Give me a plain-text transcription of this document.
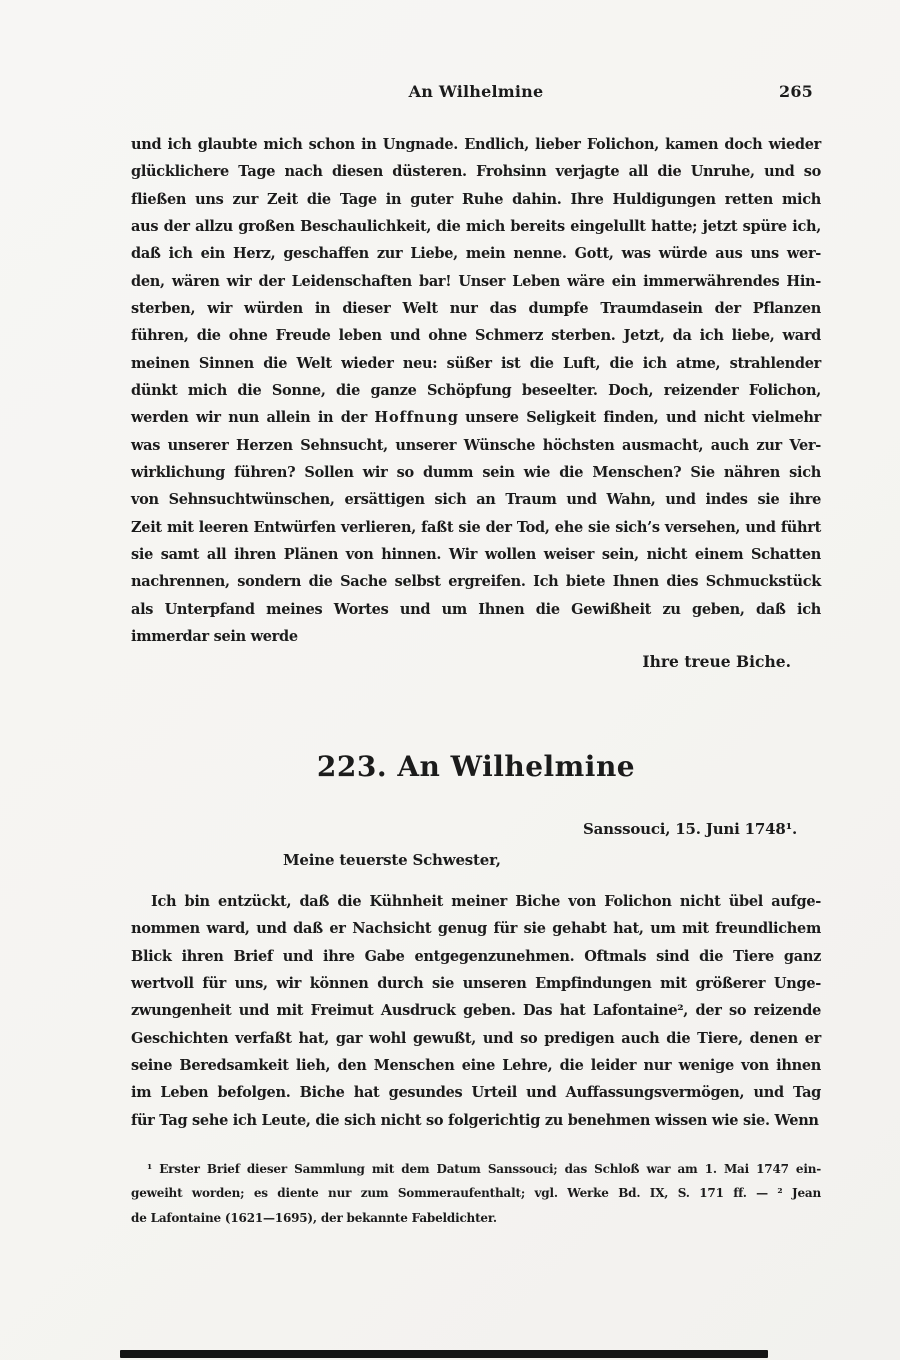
An Wilhelmine	265
und ich glaubte mich schon in Ungnade. Endlich, lieber Folichon, kamen doch wieder
glücklichere Tage nach diesen düsteren. Frohsinn verjagte all die Unruhe, und so
fließen uns zur Zeit die Tage in guter Ruhe dahin. Ihre Huldigungen retten mich
aus der allzu großen Beschaulichkeit, die mich bereits eingelullt hatte; jetzt spüre ich,
daß ich ein Herz, geschaffen zur Liebe, mein nenne. Gott, was würde aus uns wer-
den, wären wir der Leidenschaften bar! Unser Leben wäre ein immerwährendes Hin-
sterben, wir würden in dieser Welt nur das dumpfe Traumdasein der Pflanzen
führen, die ohne Freude leben und ohne Schmerz sterben. Jetzt, da ich liebe, ward
meinen Sinnen die Welt wieder neu: süßer ist die Luft, die ich atme, strahlender
dünkt mich die Sonne, die ganze Schöpfung beseelter. Doch, reizender Folichon,
werden wir nun allein in der H o f f n u n g unsere Seligkeit finden, und nicht vielmehr
was unserer Herzen Sehnsucht, unserer Wünsche höchsten ausmacht, auch zur Ver-
wirklichung führen? Sollen wir so dumm sein wie die Menschen? Sie nähren sich
von Sehnsuchtwünschen, ersättigen sich an Traum und Wahn, und indes sie ihre
Zeit mit leeren Entwürfen verlieren, faßt sie der Tod, ehe sie sich’s versehen, und führt
sie samt all ihren Plänen von hinnen. Wir wollen weiser sein, nicht einem Schatten
nachrennen, sondern die Sache selbst ergreifen. Ich biete Ihnen dies Schmuckstück
als Unterpfand meines Wortes und um Ihnen die Gewißheit zu geben, daß ich
immerdar sein werde
Ihre treue Biche.
223. An Wilhelmine
Sanssouci, 15. Juni 1748¹.
Meine teuerste Schwester,
Ich bin entzückt, daß die Kühnheit meiner Biche von Folichon nicht übel aufge-
nommen ward, und daß er Nachsicht genug für sie gehabt hat, um mit freundlichem
Blick ihren Brief und ihre Gabe entgegenzunehmen. Oftmals sind die Tiere ganz
wertvoll für uns, wir können durch sie unseren Empfindungen mit größerer Unge-
zwungenheit und mit Freimut Ausdruck geben. Das hat Lafontaine², der so reizende
Geschichten verfaßt hat, gar wohl gewußt, und so predigen auch die Tiere, denen er
seine Beredsamkeit lieh, den Menschen eine Lehre, die leider nur wenige von ihnen
im Leben befolgen. Biche hat gesundes Urteil und Auffassungsvermögen, und Tag
für Tag sehe ich Leute, die sich nicht so folgerichtig zu benehmen wissen wie sie. Wenn
¹ Erster Brief dieser Sammlung mit dem Datum Sanssouci; das Schloß war am 1. Mai 1747 ein-
geweiht worden; es diente nur zum Sommeraufenthalt; vgl. Werke Bd. IX, S. 171 ff. — ² Jean
de Lafontaine (1621—1695), der bekannte Fabeldichter.
